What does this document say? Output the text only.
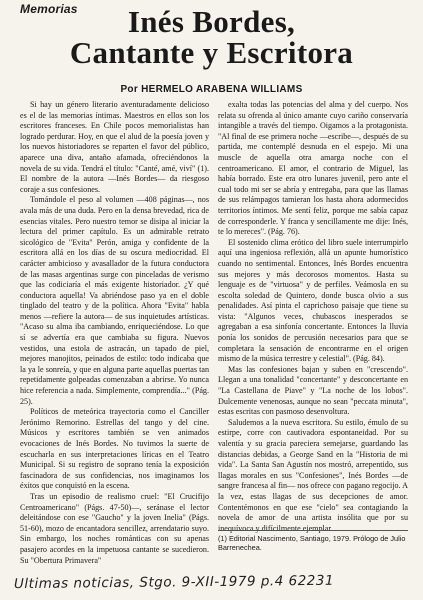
Memorias	Inés Bordes,
Cantante y Escritora
Por HERMELO ARABENA WILLIAMS

Si hay un género literario aventuradamente delicioso es el de las memorias íntimas. Maestros en ellos son los escritores franceses. En Chile pocos memorialistas han logrado perdurar. Hoy, en que el alud de la poesía joven y los nuevos historiadores se reparten el favor del público, aparece una diva, antaño afamada, ofreciéndonos la novela de su vida. Tendrá el título: "Canté, amé, viví" (1). El nombre de la autora —Inés Bordes— da riesgoso coraje a sus confesiones.

Tomándole el peso al volumen —408 páginas—, nos avala más de una duda. Pero en la densa brevedad, rica de esencias vitales. Pero nuestro temor se disipa al iniciar la lectura del primer capítulo. Es un admirable retrato sicológico de "Evita" Perón, amiga y confidente de la escritora allá en los días de su oscura mediocridad. El carácter ambicioso y avasallador de la futura conductora de las masas argentinas surge con pinceladas de verismo que las codiciaría el más exigente historiador. ¿Y qué conductora aquella! Va abriéndose paso ya en el doble tinglado del teatro y de la política. Ahora "Evita" habla menos —refiere la autora— de sus inquietudes artísticas. "Acaso su alma iba cambiando, enriqueciéndose. Lo que sí se advertía era que cambiaba su figura. Nuevos vestidos, una estola de astracán, un tapado de piel, mejores manojitos, peinados de estilo: todo indicaba que la ya le sonreía, y que en alguna parte aquellas puertas tan repetidamente golpeadas comenzaban a abrirse. Yo nunca hice referencia a nada. Simplemente, comprendía..." (Pág. 25).

Políticos de meteórica trayectoria como el Canciller Jerónimo Remorino. Estrellas del tango y del cine. Músicos y escritores también se ven animados evocaciones de Inés Bordes. No tuvimos la suerte de escucharla en sus interpretaciones líricas en el Teatro Municipal. Si su registro de soprano tenía la exposición fascinadora de sus confidencias, nos imaginamos los éxitos que conquistó en la escena.

Tras un episodio de realismo cruel: "El Crucifijo Centroamericano" (Págs. 47-50)—, seránase el lector deleitándose con ese "Gaucho" y la joven Inelia" (Págs. 51-60), mozo de encantadora sencillez, arrendatario suyo. Sin embargo, los noches románticas con su apenas pasajero acordes en la impetuosa cantante se sucedieron. Su "Obertura Primavera"

exalta todas las potencias del alma y del cuerpo. Nos relata su ofrenda al único amante cuyo cariño conservaría intangible a través del tiempo. Oigamos a la protagonista. "Al final de ese primera noche —escribe—, después de su partida, me contemplé desnuda en el espejo. Mi una muscle de aquella otra amarga noche con el centroamericano. El amor, el contrario de Miguel, las había borrado. Este era otro lunares juvenil, pero ante el cual todo mi ser se abría y entregaba, para que las llamas de sus relámpagos tamieran los hasta ahora adormecidos territorios íntimos. Me sentí feliz, porque me sabía capaz de corresponderle. Y franca y sencillamente me dije: Inés, te lo mereces". (Pág. 76).

El sostenido clima erótico del libro suele interrumpirlo aquí una ingeniosa reflexión, allá un apunte humorístico cuando no sentimental. Entonces, Inés Bordes encuentra sus mejores y más decorosos momentos. Hasta su lenguaje es de "virtuosa" y de perfiles. Veámosla en su escolta soledad de Quintero, donde busca olvio a sus penalidades. Así pinta el caprichoso paisaje que tiene su vista: "Algunos veces, chubascos inesperados se agregaban a esa sinfonía concertante. Entonces la lluvia ponía los sonidos de percusión necesarios para que se completara la sensación de encontrarme en el origen mismo de la música terrestre y celestial". (Pág. 84).

Mas las confesiones bajan y suben en "crescendo". Llegan a una tonalidad "concertante" y desconcertante en "La Castellana de Piave" y "La noche de los lobos". Dulcemente venenosas, aunque no sean "peccata minuta", estas escritas con pasmoso desenvoltura.

Saludemos a la nueva escritora. Su estilo, émulo de su estirpe, corre con cautivadora espontaneidad. Por su valentía y su gracia pareciera semejarse, guardando las distancias debidas, a George Sand en la "Historia de mi vida". La Santa San Agustín nos mostró, arrepentido, sus llagas morales en sus "Confesiones", Inés Bordes —de sangre francesa al fin— nos ofrece con pagano regocijo. A la vez, estas llagas de sus decepciones de amor. Contentémonos en que ese "cielo" sea contagiando la novela de amor de una artista insólita que por su inequívoca y difícilmente ejemplar.

(1) Editorial Nascimento, Santiago, 1979. Prólogo de Julio Barrenechea.
Ultimas noticias, Stgo. 9-XII-1979 p.4 62231
